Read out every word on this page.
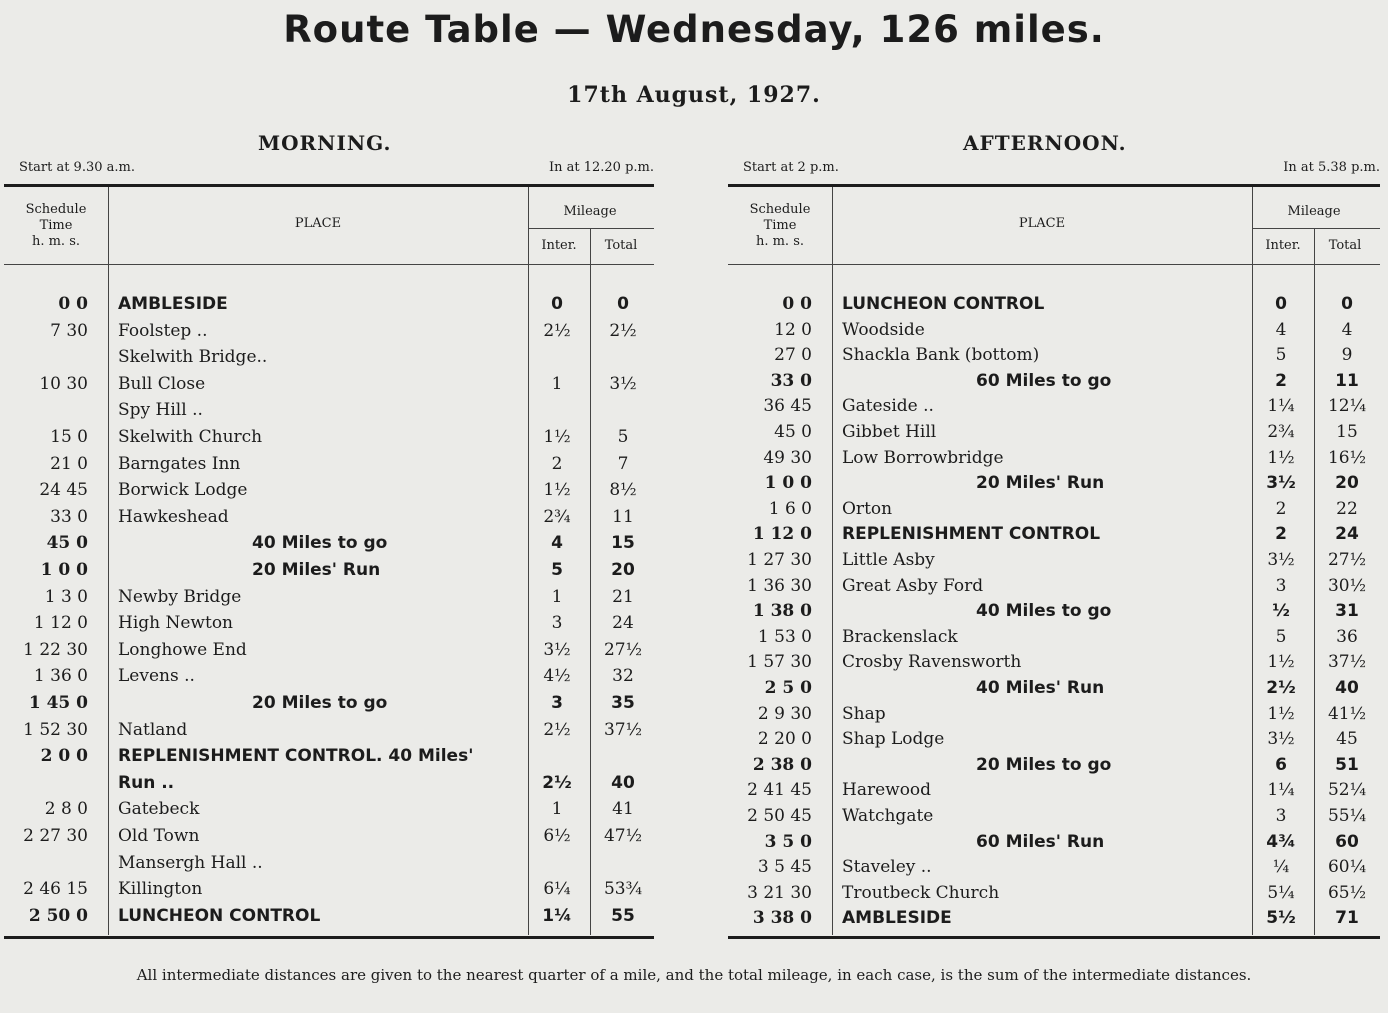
Route Table — Wednesday, 126 miles.
17th August, 1927.
MORNING.
Start at 9.30 a.m.	In at 12.20 p.m.
Schedule Time
h. m. s.
PLACE
Mileage
Inter.	Total
0 0 AMBLESIDE	0	0
7 30 Foolstep ..	2½	2½
Skelwith Bridge..
10 30 Bull Close	1	3½
Spy Hill ..
15 0 Skelwith Church	1½	5
21 0 Barngates Inn	2	7
24 45 Borwick Lodge	1½	8½
33 0 Hawkeshead	2¾	11
45 0	40 Miles to go	4	15
1 0 0	20 Miles' Run	5	20
1 3 0 Newby Bridge	1	21
1 12 0 High Newton	3	24
1 22 30 Longhowe End	3½	27½
1 36 0 Levens ..	4½	32
1 45 0	20 Miles to go	3	35
1 52 30 Natland	2½	37½
2 0 0 REPLENISHMENT CONTROL. 40 Miles'
Run ..	2½	40
2 8 0 Gatebeck	1	41
2 27 30 Old Town	6½	47½
Mansergh Hall ..
2 46 15 Killington	6¼	53¾
2 50 0 LUNCHEON CONTROL	1¼	55
AFTERNOON.
Start at 2 p.m.	In at 5.38 p.m.
Schedule Time
h. m. s.
PLACE
Mileage
Inter.	Total
0 0 LUNCHEON CONTROL	0	0
12 0 Woodside	4	4
27 0 Shackla Bank (bottom)	5	9
33 0	60 Miles to go	2	11
36 45 Gateside ..	1¼	12¼
45 0 Gibbet Hill	2¾	15
49 30 Low Borrowbridge	1½	16½
1 0 0	20 Miles' Run	3½	20
1 6 0 Orton	2	22
1 12 0 REPLENISHMENT CONTROL	2	24
1 27 30 Little Asby	3½	27½
1 36 30 Great Asby Ford	3	30½
1 38 0	40 Miles to go	½	31
1 53 0 Brackenslack	5	36
1 57 30 Crosby Ravensworth	1½	37½
2 5 0	40 Miles' Run	2½	40
2 9 30 Shap	1½	41½
2 20 0 Shap Lodge	3½	45
2 38 0	20 Miles to go	6	51
2 41 45 Harewood	1¼	52¼
2 50 45 Watchgate	3	55¼
3 5 0	60 Miles' Run	4¾	60
3 5 45 Staveley ..	¼	60¼
3 21 30 Troutbeck Church	5¼	65½
3 38 0 AMBLESIDE	5½	71
All intermediate distances are given to the nearest quarter of a mile, and the total mileage, in each case, is the sum of the intermediate distances.
